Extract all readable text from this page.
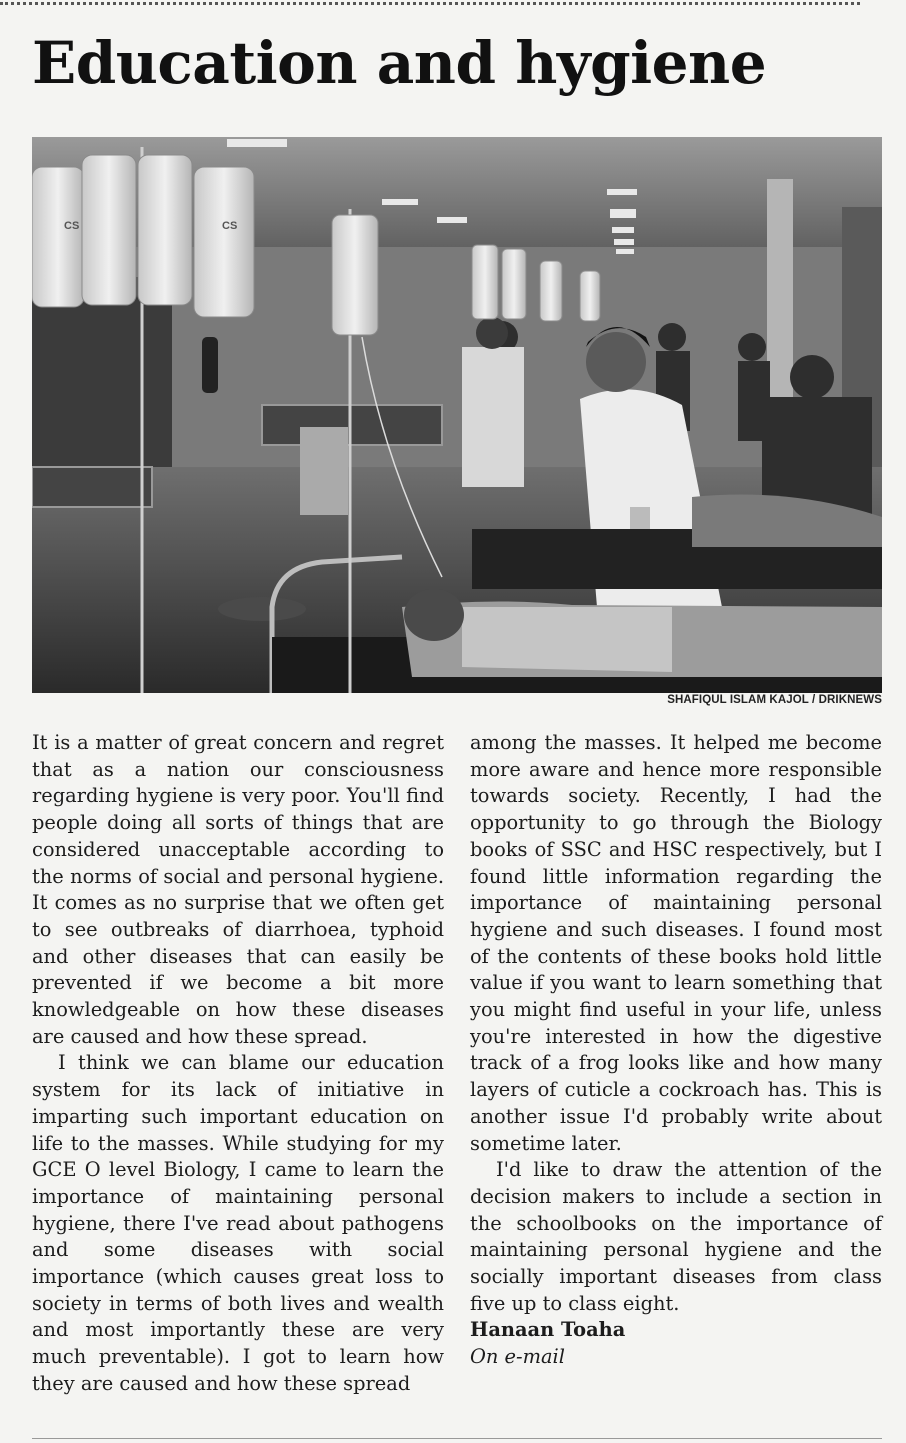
Education and hygiene
CS	CS
SHAFIQUL ISLAM KAJOL / DRIKNEWS

It is a matter of great concern and regret that as a nation our consciousness regarding hygiene is very poor. You'll find people doing all sorts of things that are considered unacceptable according to the norms of social and personal hygiene. It comes as no surprise that we often get to see outbreaks of diarrhoea, typhoid and other diseases that can easily be prevented if we become a bit more knowledgeable on how these diseases are caused and how these spread.

I think we can blame our education system for its lack of initiative in imparting such important education on life to the masses. While studying for my GCE O level Biology, I came to learn the importance of maintaining personal hygiene, there I've read about pathogens and some diseases with social importance (which causes great loss to society in terms of both lives and wealth and most importantly these are very much preventable). I got to learn how they are caused and how these spread

among the masses. It helped me become more aware and hence more responsible towards society. Recently, I had the opportunity to go through the Biology books of SSC and HSC respectively, but I found little information regarding the importance of maintaining personal hygiene and such diseases. I found most of the contents of these books hold little value if you want to learn something that you might find useful in your life, unless you're interested in how the digestive track of a frog looks like and how many layers of cuticle a cockroach has. This is another issue I'd probably write about sometime later.

I'd like to draw the attention of the decision makers to include a section in the schoolbooks on the importance of maintaining personal hygiene and the socially important diseases from class five up to class eight.

Hanaan Toaha

On e-mail
